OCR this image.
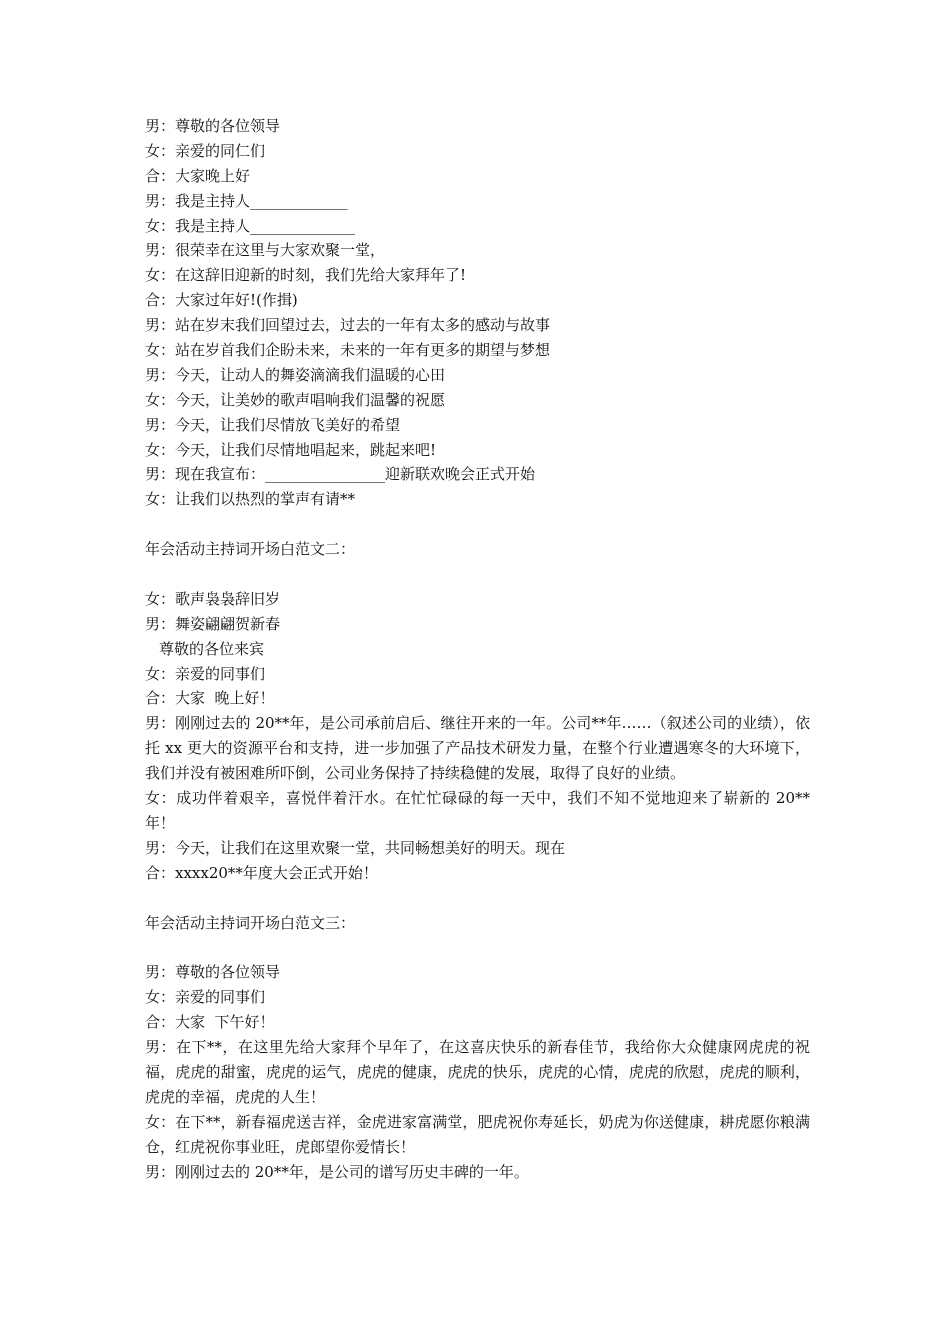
男：尊敬的各位领导
女：亲爱的同仁们
合：大家晚上好
男：我是主持人_____________
女：我是主持人______________
男：很荣幸在这里与大家欢聚一堂，
女：在这辞旧迎新的时刻，我们先给大家拜年了!
合：大家过年好!(作揖)
男：站在岁末我们回望过去，过去的一年有太多的感动与故事
女：站在岁首我们企盼未来，未来的一年有更多的期望与梦想
男：今天，让动人的舞姿滴滴我们温暖的心田
女：今天，让美妙的歌声唱响我们温馨的祝愿
男：今天，让我们尽情放飞美好的希望
女：今天，让我们尽情地唱起来，跳起来吧!
男：现在我宣布：________________迎新联欢晚会正式开始
女：让我们以热烈的掌声有请**
年会活动主持词开场白范文二：
女：歌声袅袅辞旧岁
男：舞姿翩翩贺新春
尊敬的各位来宾
女：亲爱的同事们
合：大家  晚上好！
男：刚刚过去的 20**年，是公司承前启后、继往开来的一年。公司**年……（叙述公司的业绩），依托 xx 更大的资源平台和支持，进一步加强了产品技术研发力量，在整个行业遭遇寒冬的大环境下，我们并没有被困难所吓倒，公司业务保持了持续稳健的发展，取得了良好的业绩。
女：成功伴着艰辛，喜悦伴着汗水。在忙忙碌碌的每一天中，我们不知不觉地迎来了崭新的 20**年！
男：今天，让我们在这里欢聚一堂，共同畅想美好的明天。现在
合：xxxx20**年度大会正式开始！
年会活动主持词开场白范文三：
男：尊敬的各位领导
女：亲爱的同事们
合：大家  下午好！
男：在下**，在这里先给大家拜个早年了，在这喜庆快乐的新春佳节，我给你大众健康网虎虎的祝福，虎虎的甜蜜，虎虎的运气，虎虎的健康，虎虎的快乐，虎虎的心情，虎虎的欣慰，虎虎的顺利，虎虎的幸福，虎虎的人生！
女：在下**，新春福虎送吉祥，金虎进家富满堂，肥虎祝你寿延长，奶虎为你送健康，耕虎愿你粮满仓，红虎祝你事业旺，虎郎望你爱情长！
男：刚刚过去的 20**年，是公司的谱写历史丰碑的一年。
